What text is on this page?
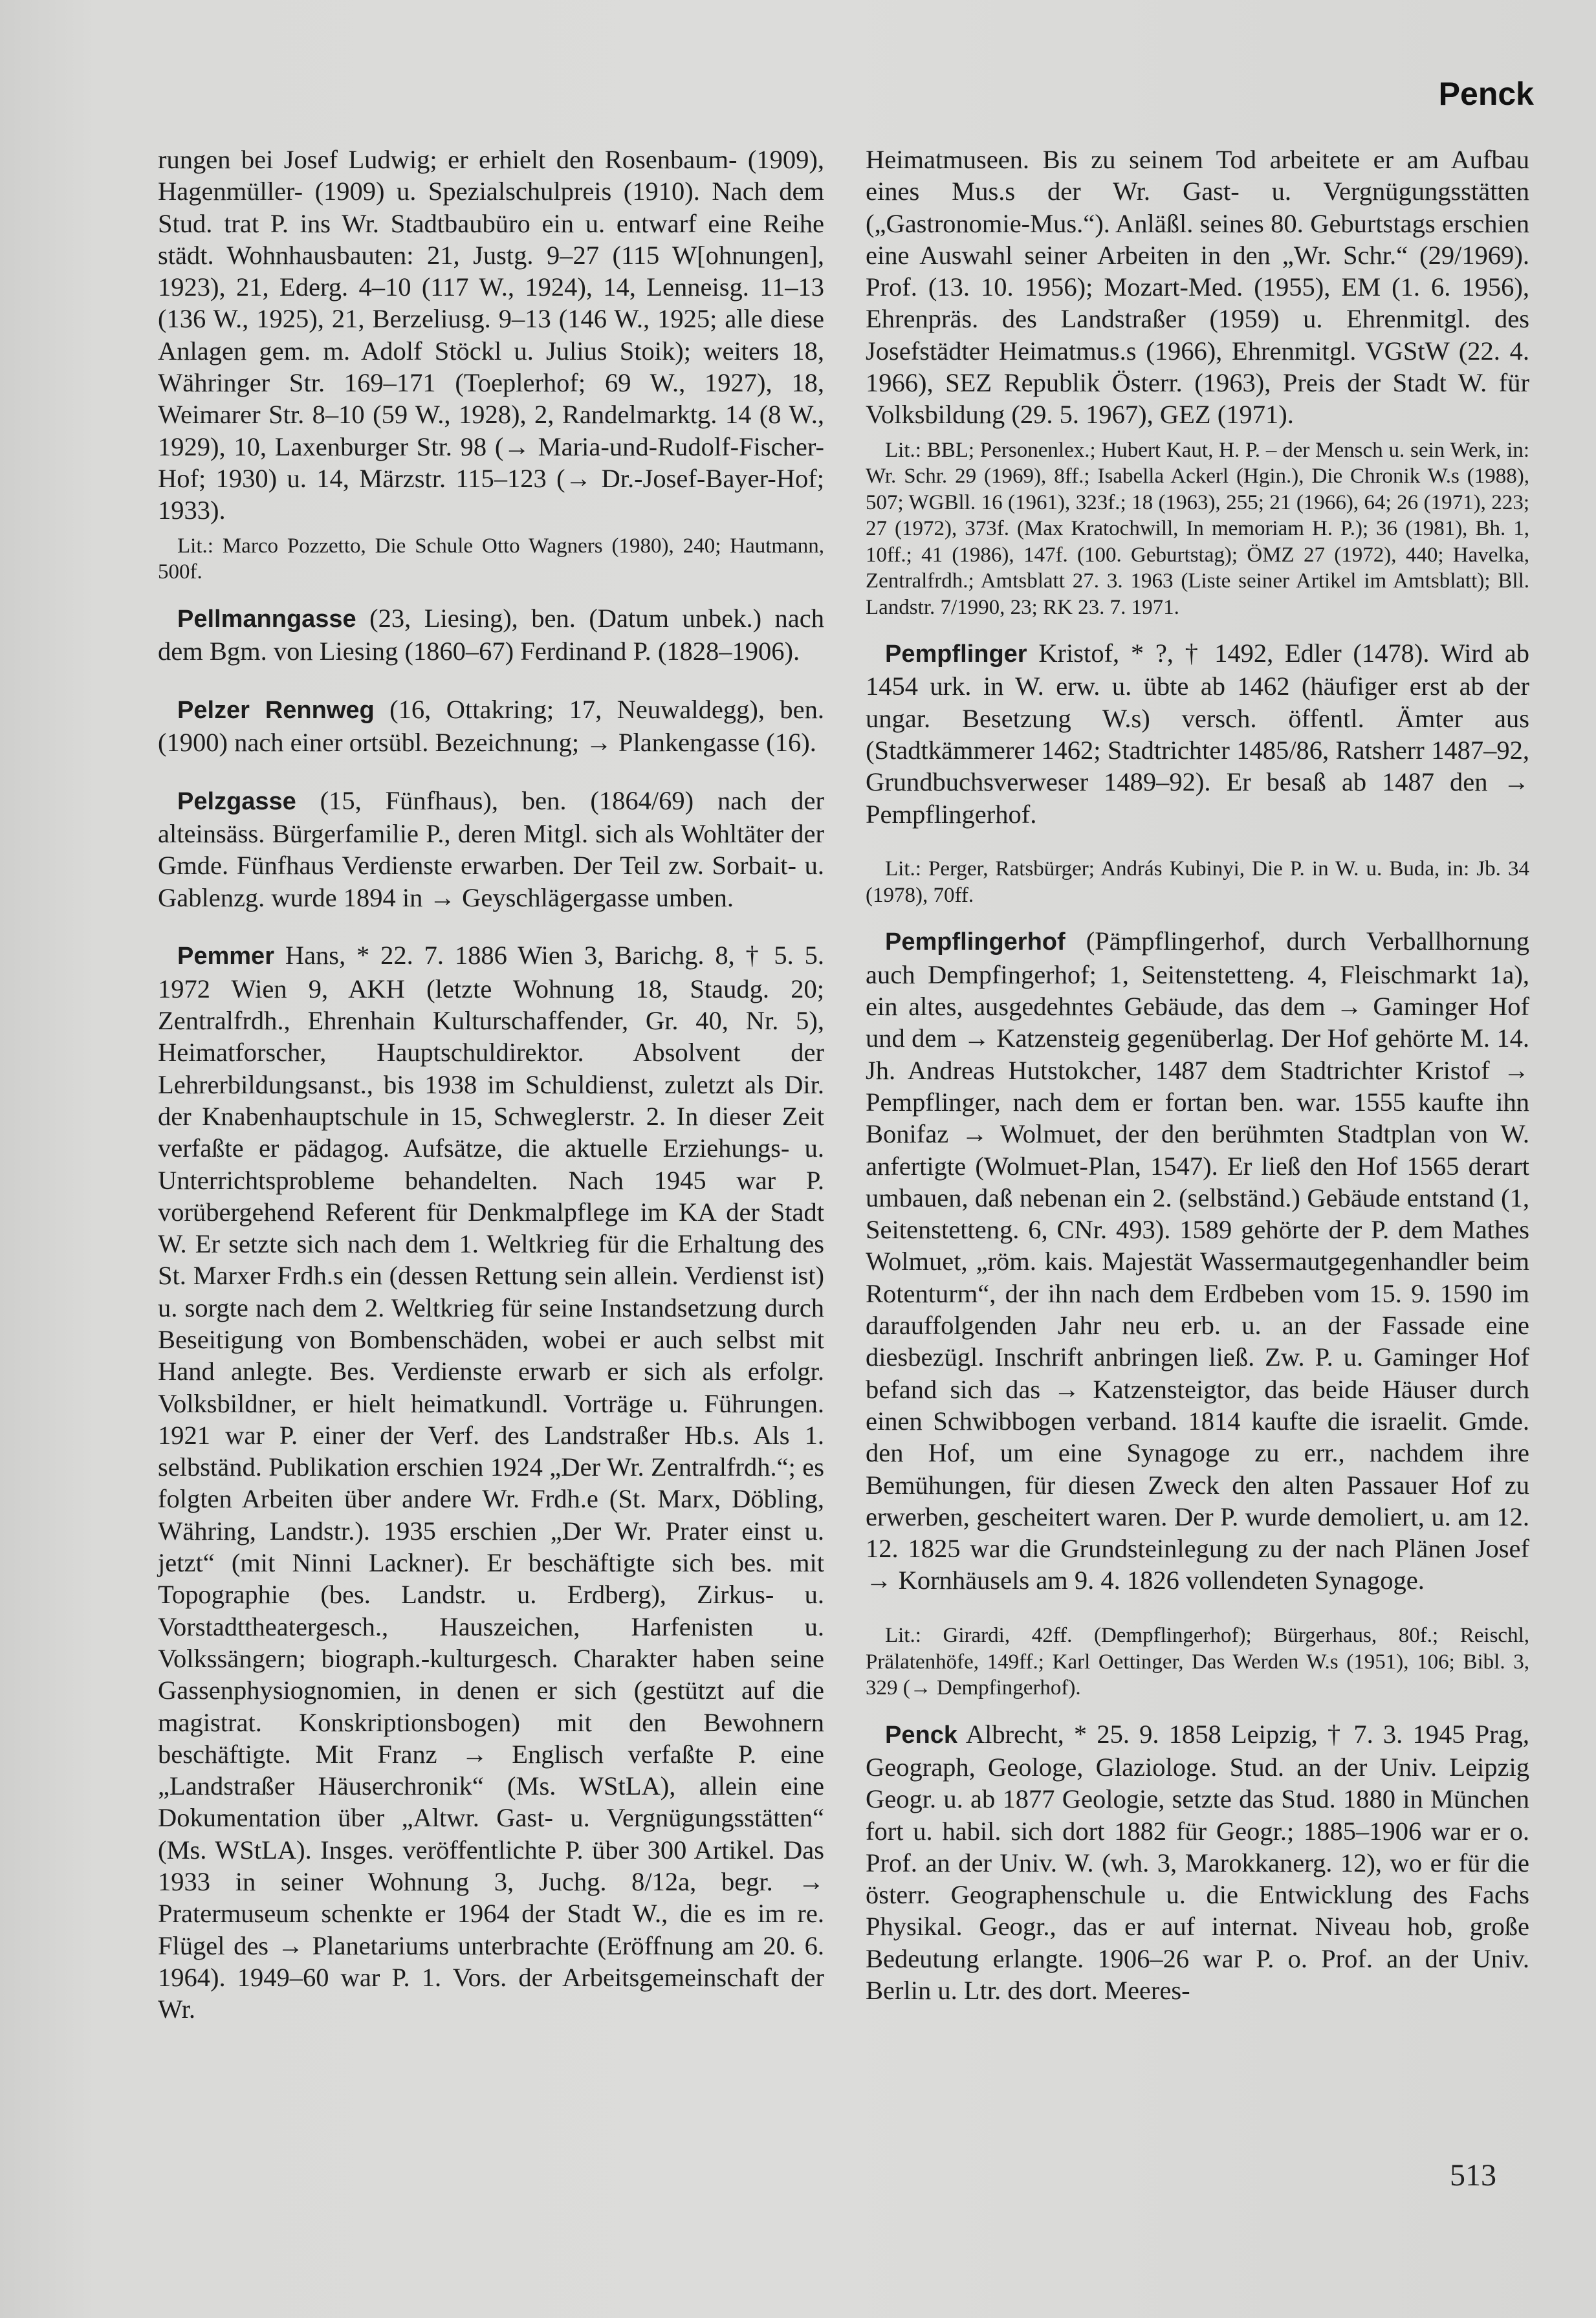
Penck

rungen bei Josef Ludwig; er erhielt den Rosenbaum- (1909), Hagenmüller- (1909) u. Spezialschulpreis (1910). Nach dem Stud. trat P. ins Wr. Stadtbaubüro ein u. entwarf eine Reihe städt. Wohnhausbauten: 21, Justg. 9–27 (115 W[ohnungen], 1923), 21, Ederg. 4–10 (117 W., 1924), 14, Lenneisg. 11–13 (136 W., 1925), 21, Berzeliusg. 9–13 (146 W., 1925; alle diese Anlagen gem. m. Adolf Stöckl u. Julius Stoik); weiters 18, Währinger Str. 169–171 (Toeplerhof; 69 W., 1927), 18, Weimarer Str. 8–10 (59 W., 1928), 2, Randelmarktg. 14 (8 W., 1929), 10, Laxenburger Str. 98 (→ Maria-und-Rudolf-Fischer-Hof; 1930) u. 14, Märzstr. 115–123 (→ Dr.-Josef-Bayer-Hof; 1933).

Lit.: Marco Pozzetto, Die Schule Otto Wagners (1980), 240; Hautmann, 500f.

Pellmanngasse (23, Liesing), ben. (Datum unbek.) nach dem Bgm. von Liesing (1860–67) Ferdinand P. (1828–1906).

Pelzer Rennweg (16, Ottakring; 17, Neuwaldegg), ben. (1900) nach einer ortsübl. Bezeichnung; → Plankengasse (16).

Pelzgasse (15, Fünfhaus), ben. (1864/69) nach der alteinsäss. Bürgerfamilie P., deren Mitgl. sich als Wohltäter der Gmde. Fünfhaus Verdienste erwarben. Der Teil zw. Sorbait- u. Gablenzg. wurde 1894 in → Geyschlägergasse umben.

Pemmer Hans, * 22. 7. 1886 Wien 3, Barichg. 8, † 5. 5. 1972 Wien 9, AKH (letzte Wohnung 18, Staudg. 20; Zentralfrdh., Ehrenhain Kulturschaffender, Gr. 40, Nr. 5), Heimatforscher, Hauptschuldirektor. Absolvent der Lehrerbildungsanst., bis 1938 im Schuldienst, zuletzt als Dir. der Knabenhauptschule in 15, Schweglerstr. 2. In dieser Zeit verfaßte er pädagog. Aufsätze, die aktuelle Erziehungs- u. Unterrichtsprobleme behandelten. Nach 1945 war P. vorübergehend Referent für Denkmalpflege im KA der Stadt W. Er setzte sich nach dem 1. Weltkrieg für die Erhaltung des St. Marxer Frdh.s ein (dessen Rettung sein allein. Verdienst ist) u. sorgte nach dem 2. Weltkrieg für seine Instandsetzung durch Beseitigung von Bombenschäden, wobei er auch selbst mit Hand anlegte. Bes. Verdienste erwarb er sich als erfolgr. Volksbildner, er hielt heimatkundl. Vorträge u. Führungen. 1921 war P. einer der Verf. des Landstraßer Hb.s. Als 1. selbständ. Publikation erschien 1924 „Der Wr. Zentralfrdh.“; es folgten Arbeiten über andere Wr. Frdh.e (St. Marx, Döbling, Währing, Landstr.). 1935 erschien „Der Wr. Prater einst u. jetzt“ (mit Ninni Lackner). Er beschäftigte sich bes. mit Topographie (bes. Landstr. u. Erdberg), Zirkus- u. Vorstadttheatergesch., Hauszeichen, Harfenisten u. Volkssängern; biograph.-kulturgesch. Charakter haben seine Gassenphysiognomien, in denen er sich (gestützt auf die magistrat. Konskriptionsbogen) mit den Bewohnern beschäftigte. Mit Franz → Englisch verfaßte P. eine „Landstraßer Häuserchronik“ (Ms. WStLA), allein eine Dokumentation über „Altwr. Gast- u. Vergnügungsstätten“ (Ms. WStLA). Insges. veröffentlichte P. über 300 Artikel. Das 1933 in seiner Wohnung 3, Juchg. 8/12a, begr. → Pratermuseum schenkte er 1964 der Stadt W., die es im re. Flügel des → Planetariums unterbrachte (Eröffnung am 20. 6. 1964). 1949–60 war P. 1. Vors. der Arbeitsgemeinschaft der Wr.

Heimatmuseen. Bis zu seinem Tod arbeitete er am Aufbau eines Mus.s der Wr. Gast- u. Vergnügungsstätten („Gastronomie-Mus.“). Anläßl. seines 80. Geburtstags erschien eine Auswahl seiner Arbeiten in den „Wr. Schr.“ (29/1969). Prof. (13. 10. 1956); Mozart-Med. (1955), EM (1. 6. 1956), Ehrenpräs. des Landstraßer (1959) u. Ehrenmitgl. des Josefstädter Heimatmus.s (1966), Ehrenmitgl. VGStW (22. 4. 1966), SEZ Republik Österr. (1963), Preis der Stadt W. für Volksbildung (29. 5. 1967), GEZ (1971).

Lit.: BBL; Personenlex.; Hubert Kaut, H. P. – der Mensch u. sein Werk, in: Wr. Schr. 29 (1969), 8ff.; Isabella Ackerl (Hgin.), Die Chronik W.s (1988), 507; WGBll. 16 (1961), 323f.; 18 (1963), 255; 21 (1966), 64; 26 (1971), 223; 27 (1972), 373f. (Max Kratochwill, In memoriam H. P.); 36 (1981), Bh. 1, 10ff.; 41 (1986), 147f. (100. Geburtstag); ÖMZ 27 (1972), 440; Havelka, Zentralfrdh.; Amtsblatt 27. 3. 1963 (Liste seiner Artikel im Amtsblatt); Bll. Landstr. 7/1990, 23; RK 23. 7. 1971.

Pempflinger Kristof, * ?, † 1492, Edler (1478). Wird ab 1454 urk. in W. erw. u. übte ab 1462 (häufiger erst ab der ungar. Besetzung W.s) versch. öffentl. Ämter aus (Stadtkämmerer 1462; Stadtrichter 1485/86, Ratsherr 1487–92, Grundbuchsverweser 1489–92). Er besaß ab 1487 den → Pempflingerhof.

Lit.: Perger, Ratsbürger; András Kubinyi, Die P. in W. u. Buda, in: Jb. 34 (1978), 70ff.

Pempflingerhof (Pämpflingerhof, durch Verballhornung auch Dempfingerhof; 1, Seitenstetteng. 4, Fleischmarkt 1a), ein altes, ausgedehntes Gebäude, das dem → Gaminger Hof und dem → Katzensteig gegenüberlag. Der Hof gehörte M. 14. Jh. Andreas Hutstokcher, 1487 dem Stadtrichter Kristof → Pempflinger, nach dem er fortan ben. war. 1555 kaufte ihn Bonifaz → Wolmuet, der den berühmten Stadtplan von W. anfertigte (Wolmuet-Plan, 1547). Er ließ den Hof 1565 derart umbauen, daß nebenan ein 2. (selbständ.) Gebäude entstand (1, Seitenstetteng. 6, CNr. 493). 1589 gehörte der P. dem Mathes Wolmuet, „röm. kais. Majestät Wassermautgegenhandler beim Rotenturm“, der ihn nach dem Erdbeben vom 15. 9. 1590 im darauffolgenden Jahr neu erb. u. an der Fassade eine diesbezügl. Inschrift anbringen ließ. Zw. P. u. Gaminger Hof befand sich das → Katzensteigtor, das beide Häuser durch einen Schwibbogen verband. 1814 kaufte die israelit. Gmde. den Hof, um eine Synagoge zu err., nachdem ihre Bemühungen, für diesen Zweck den alten Passauer Hof zu erwerben, gescheitert waren. Der P. wurde demoliert, u. am 12. 12. 1825 war die Grundsteinlegung zu der nach Plänen Josef → Kornhäusels am 9. 4. 1826 vollendeten Synagoge.

Lit.: Girardi, 42ff. (Dempflingerhof); Bürgerhaus, 80f.; Reischl, Prälatenhöfe, 149ff.; Karl Oettinger, Das Werden W.s (1951), 106; Bibl. 3, 329 (→ Dempfingerhof).

Penck Albrecht, * 25. 9. 1858 Leipzig, † 7. 3. 1945 Prag, Geograph, Geologe, Glaziologe. Stud. an der Univ. Leipzig Geogr. u. ab 1877 Geologie, setzte das Stud. 1880 in München fort u. habil. sich dort 1882 für Geogr.; 1885–1906 war er o. Prof. an der Univ. W. (wh. 3, Marokkanerg. 12), wo er für die österr. Geographenschule u. die Entwicklung des Fachs Physikal. Geogr., das er auf internat. Niveau hob, große Bedeutung erlangte. 1906–26 war P. o. Prof. an der Univ. Berlin u. Ltr. des dort. Meeres-

513
